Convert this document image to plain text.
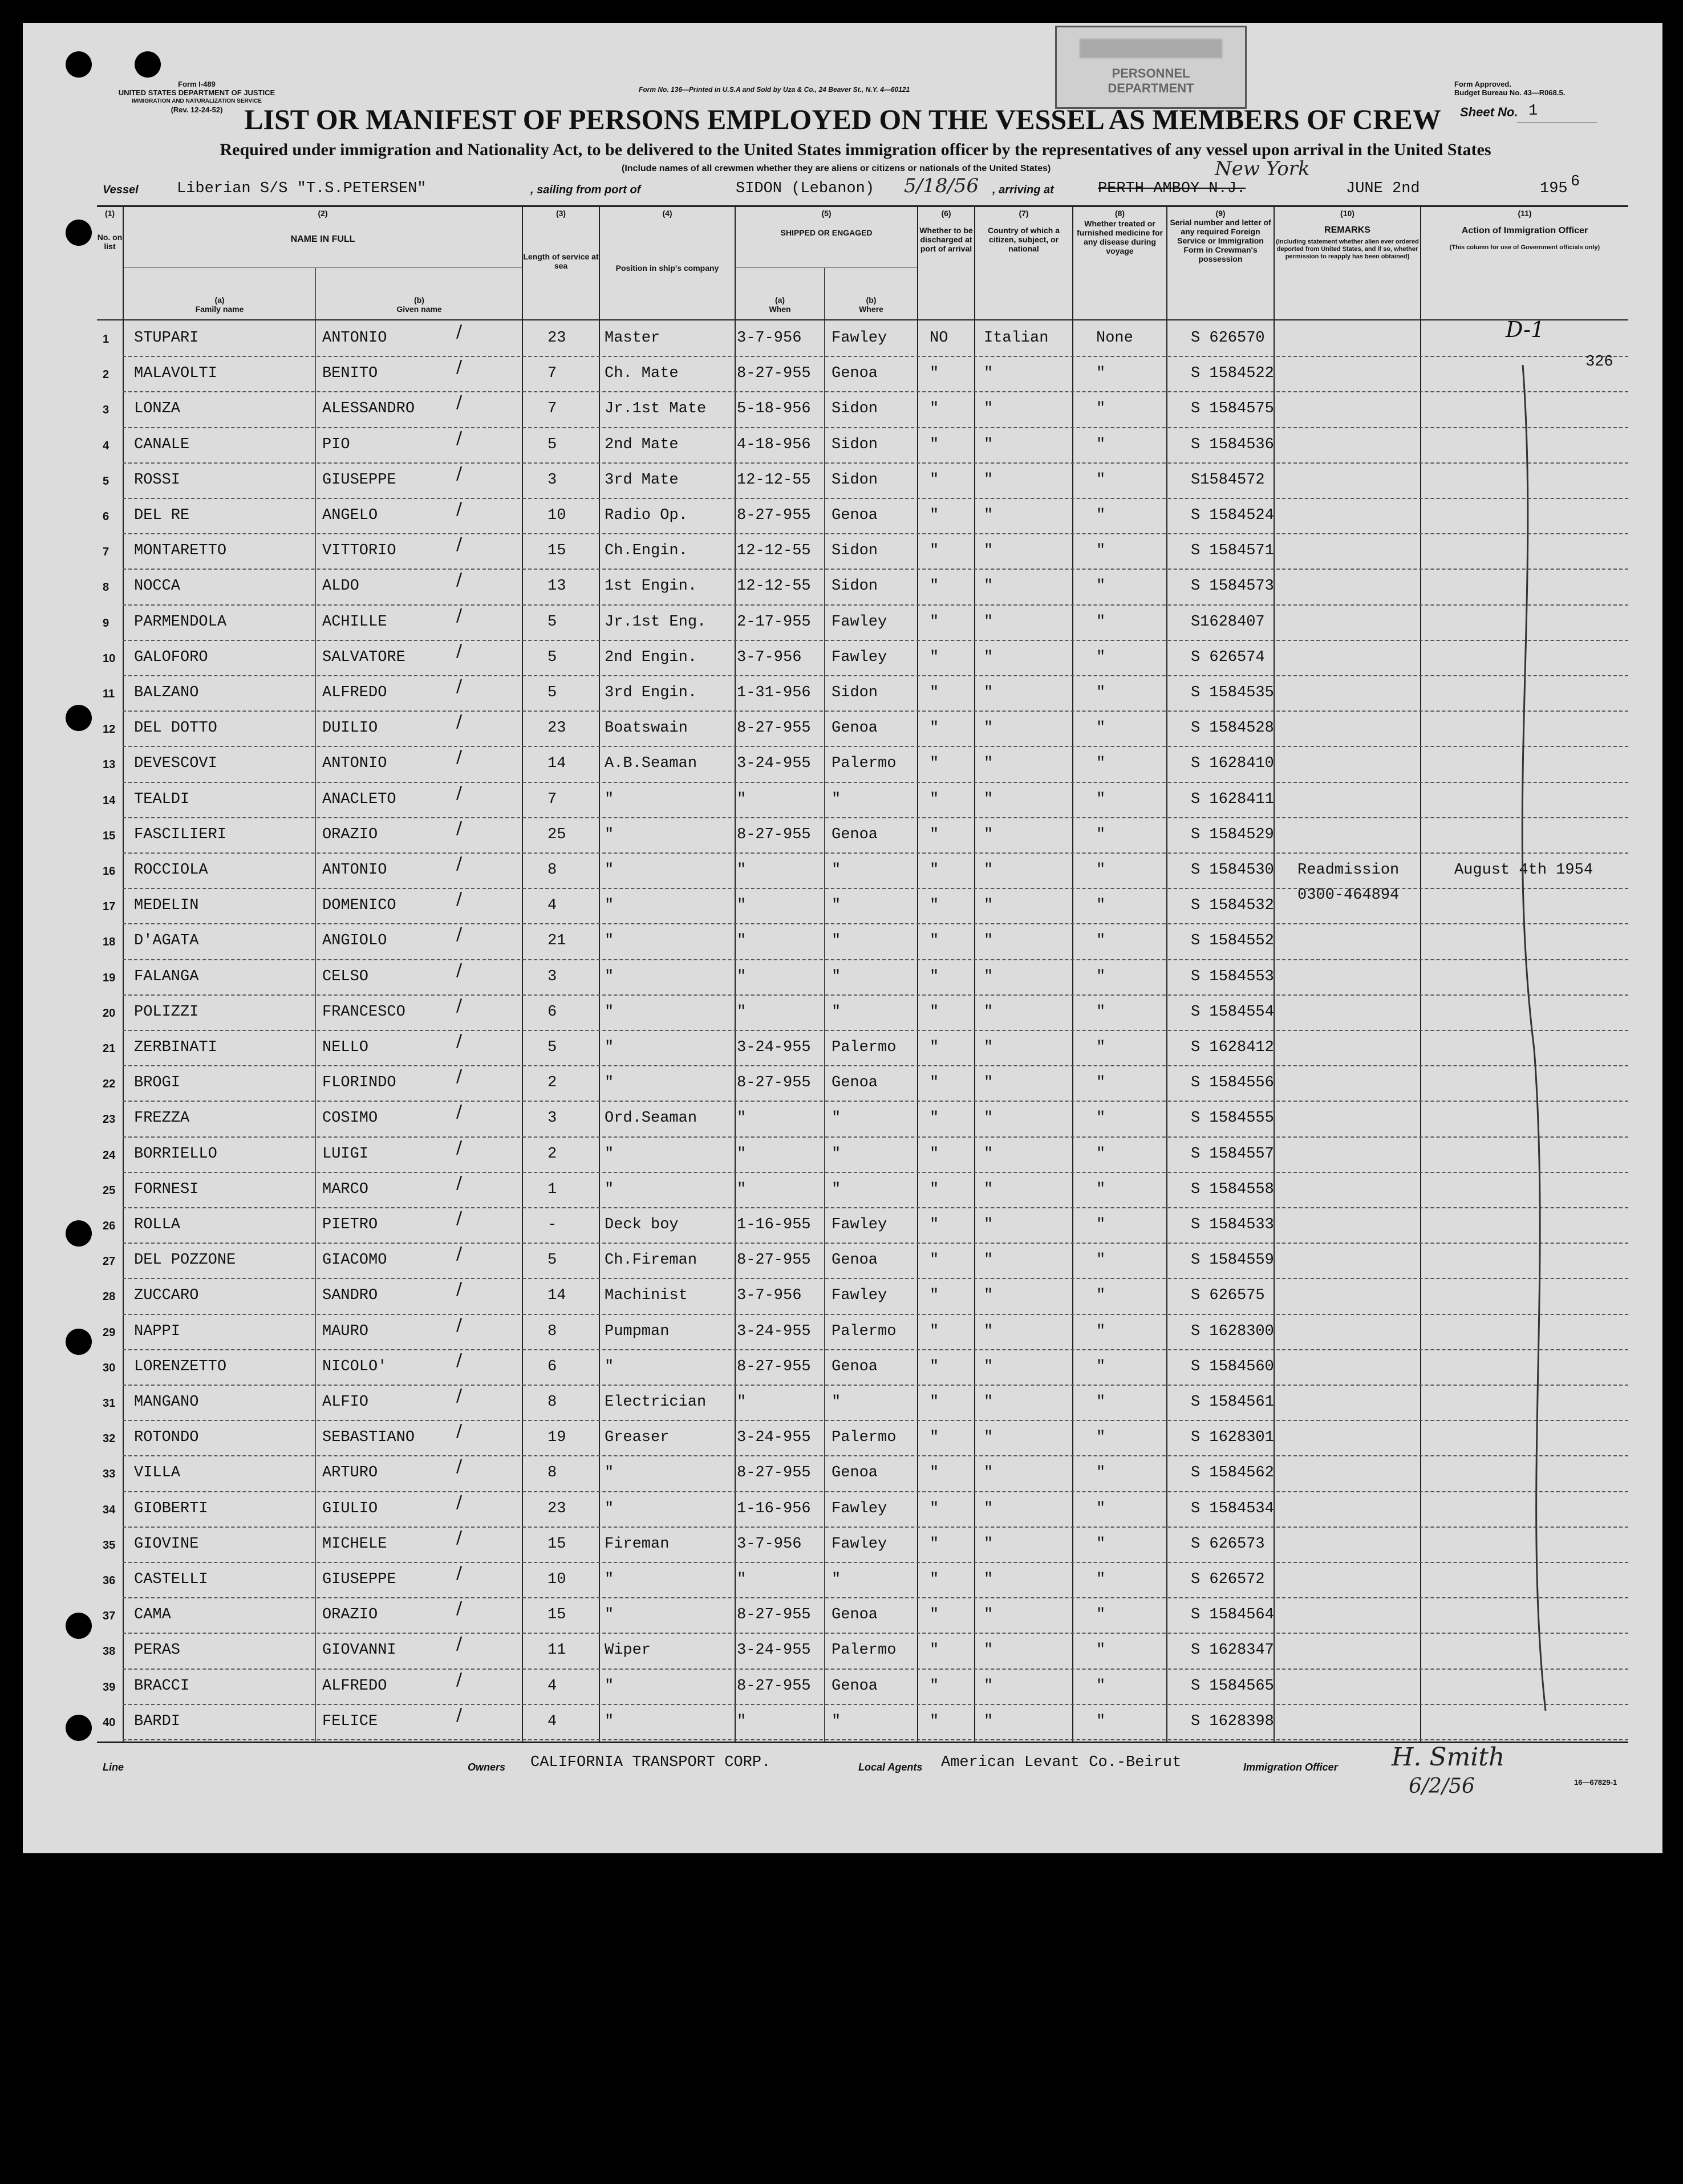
Form I-489
UNITED STATES DEPARTMENT OF JUSTICE
IMMIGRATION AND NATURALIZATION SERVICE
(Rev. 12-24-52)
Form No. 136—Printed in U.S.A and Sold by Uza & Co., 24 Beaver St., N.Y. 4—60121
PERSONNEL
DEPARTMENT	Form Approved.
Budget Bureau No. 43—R068.5.
LIST OR MANIFEST OF PERSONS EMPLOYED ON THE VESSEL AS MEMBERS OF CREW
Required under immigration and Nationality Act, to be delivered to the United States immigration officer by the representatives of any vessel upon arrival in the United States
(Include names of all crewmen whether they are aliens or citizens or nationals of the United States)
Sheet No. 1
Vessel Liberian S/S "T.S.PETERSEN"	, sailing from port of	SIDON (Lebanon) 5/18/56 , arriving at	PERTH AMBOY N.J.
New York
JUNE 2nd	195 6
(1)
No. on list
(2)
NAME IN FULL
(a)
Family name
(b)
Given name
(3)
Length of service at sea
(4)
Position in ship's company
(5)
SHIPPED OR ENGAGED
(a)
When
(b)
Where
(6)
Whether to be discharged at port of arrival
(7)
Country of which a citizen, subject, or national
(8)
Whether treated or furnished medicine for any disease during voyage
(9)
Serial number and letter of any required Foreign Service or Immigration Form in Crewman's possession
(10)
REMARKS
(Including statement whether alien ever ordered deported from United States, and if so, whether permission to reapply has been obtained)
(11)
Action of Immigration Officer
(This column for use of Government officials only)
1 STUPARI	ANTONIO	23	Master	3-7-956 Fawley	NO Italian	None	S 626570	D-1
∕
2 MALAVOLTI	BENITO	7	Ch. Mate	8-27-955 Genoa	"	"	"	S 1584522
326
∕
3 LONZA	ALESSANDRO	7	Jr.1st Mate 5-18-956 Sidon	"	"	"	S 1584575
∕
4 CANALE	PIO	5	2nd Mate	4-18-956 Sidon	"	"	"	S 1584536
∕
5 ROSSI	GIUSEPPE	3	3rd Mate	12-12-55 Sidon	"	"	"	S1584572
∕
6 DEL RE	ANGELO	10	Radio Op.	8-27-955 Genoa	"	"	"	S 1584524
∕
7 MONTARETTO	VITTORIO	15	Ch.Engin.	12-12-55 Sidon	"	"	"	S 1584571
∕
8 NOCCA	ALDO	13	1st Engin.	12-12-55 Sidon	"	"	"	S 1584573
∕
9 PARMENDOLA	ACHILLE	5	Jr.1st Eng. 2-17-955 Fawley	"	"	"	S1628407
∕
10 GALOFORO	SALVATORE	5	2nd Engin.	3-7-956 Fawley	"	"	"	S 626574
∕
11 BALZANO	ALFREDO	5	3rd Engin.	1-31-956 Sidon	"	"	"	S 1584535
∕
12 DEL DOTTO	DUILIO	23	Boatswain	8-27-955 Genoa	"	"	"	S 1584528
∕
13 DEVESCOVI	ANTONIO	14	A.B.Seaman	3-24-955 Palermo "	"	"	S 1628410
∕
14 TEALDI	ANACLETO	7	"	"	"	"	"	"	S 1628411
∕
15 FASCILIERI	ORAZIO	25	"	8-27-955 Genoa	"	"	"	S 1584529
∕
16 ROCCIOLA	ANTONIO	8	"	"	"	"	"	"	S 1584530 Readmission	August 4th 1954
∕
17 MEDELIN	DOMENICO	4	"	"	"	"	"	"	S 1584532
0300-464894
∕
18 D'AGATA	ANGIOLO	21	"	"	"	"	"	"	S 1584552
∕
19 FALANGA	CELSO	3	"	"	"	"	"	"	S 1584553
∕
20 POLIZZI	FRANCESCO	6	"	"	"	"	"	"	S 1584554
∕
21 ZERBINATI	NELLO	5	"	3-24-955 Palermo "	"	"	S 1628412
∕
22 BROGI	FLORINDO	2	"	8-27-955 Genoa	"	"	"	S 1584556
∕
23 FREZZA	COSIMO	3	Ord.Seaman	"	"	"	"	"	S 1584555
∕
24 BORRIELLO	LUIGI	2	"	"	"	"	"	"	S 1584557
∕
25 FORNESI	MARCO	1	"	"	"	"	"	"	S 1584558
∕
26 ROLLA	PIETRO	-	Deck boy	1-16-955 Fawley	"	"	"	S 1584533
∕
27 DEL POZZONE	GIACOMO	5	Ch.Fireman	8-27-955 Genoa	"	"	"	S 1584559
∕
28 ZUCCARO	SANDRO	14	Machinist	3-7-956 Fawley	"	"	"	S 626575
∕
29 NAPPI	MAURO	8	Pumpman	3-24-955 Palermo "	"	"	S 1628300
∕
30 LORENZETTO	NICOLO'	6	"	8-27-955 Genoa	"	"	"	S 1584560
∕
31 MANGANO	ALFIO	8	Electrician "	"	"	"	"	S 1584561
∕
32 ROTONDO	SEBASTIANO	19	Greaser	3-24-955 Palermo "	"	"	S 1628301
∕
33 VILLA	ARTURO	8	"	8-27-955 Genoa	"	"	"	S 1584562
∕
34 GIOBERTI	GIULIO	23	"	1-16-956 Fawley	"	"	"	S 1584534
∕
35 GIOVINE	MICHELE	15	Fireman	3-7-956 Fawley	"	"	"	S 626573
∕
36 CASTELLI	GIUSEPPE	10	"	"	"	"	"	"	S 626572
∕
37 CAMA	ORAZIO	15	"	8-27-955 Genoa	"	"	"	S 1584564
∕
38 PERAS	GIOVANNI	11	Wiper	3-24-955 Palermo "	"	"	S 1628347
∕
39 BRACCI	ALFREDO	4	"	8-27-955 Genoa	"	"	"	S 1584565
∕
40 BARDI	FELICE	4	"	"	"	"	"	"	S 1628398
∕
Line	Owners CALIFORNIA TRANSPORT CORP.	Local Agents American Levant Co.-Beirut	Immigration Officer H. Smith
6/2/56	16—67829-1
